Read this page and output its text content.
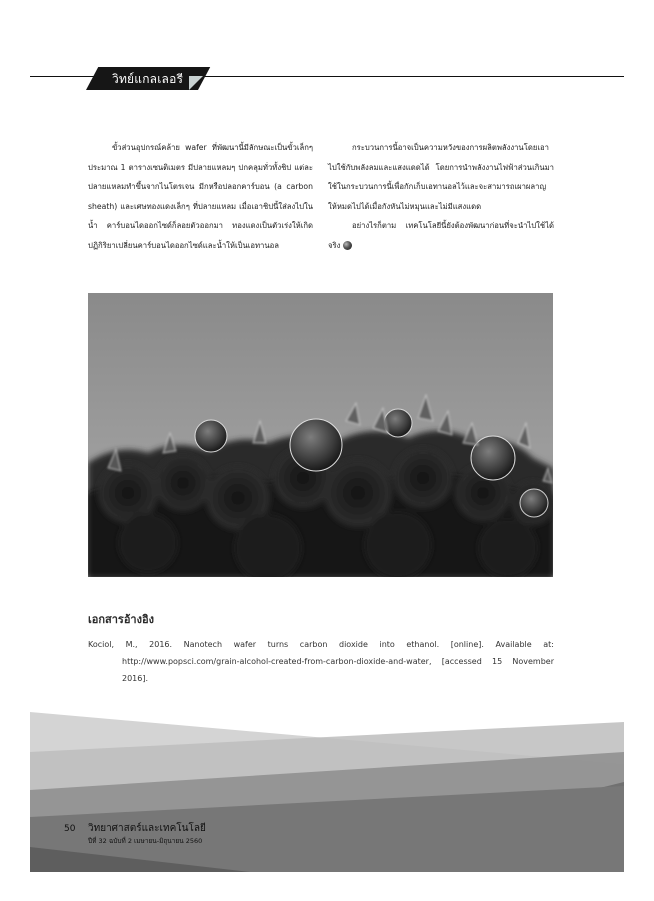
วิทย์แกลเลอรี

ขั้วส่วนอุปกรณ์คล้าย wafer ที่พัฒนานี้มีลักษณะเป็นขั้วเล็กๆ ประมาณ 1 ตารางเซนติเมตร มีปลายแหลมๆ ปกคลุมทั่วทั้งชิป แต่ละปลายแหลมทำขึ้นจากไนโตรเจน มีกหรือปลอกคาร์บอน (a carbon sheath) และเศษทองแดงเล็กๆ ที่ปลายแหลม เมื่อเอาชิปนี้ใส่ลงไปในน้ำ คาร์บอนไดออกไซด์ก็ลอยตัวออกมา ทองแดงเป็นตัวเร่งให้เกิดปฏิกิริยาเปลี่ยนคาร์บอนไดออกไซด์และน้ำให้เป็นเอทานอล

กระบวนการนี้อาจเป็นความหวังของการผลิตพลังงานโดยเอาไปใช้กับพลังลมและแสงแดดได้ โดยการนำพลังงานไฟฟ้าส่วนเกินมาใช้ในกระบวนการนี้เพื่อกักเก็บเอทานอลไว้และจะสามารถเผาผลาญให้หมดไปได้เมื่อกังหันไม่หมุนและไม่มีแสงแดด

อย่างไรก็ตาม เทคโนโลยีนี้ยังต้องพัฒนาก่อนที่จะนำไปใช้ได้จริง

เอกสารอ้างอิง
Kociol, M., 2016. Nanotech wafer turns carbon dioxide into ethanol. [online]. Available at: http://www.popsci.com/grain-alcohol-created-from-carbon-dioxide-and-water, [accessed 15 November 2016].
50 วิทยาศาสตร์และเทคโนโลยี
ปีที่ 32 ฉบับที่ 2 เมษายน-มิถุนายน 2560
